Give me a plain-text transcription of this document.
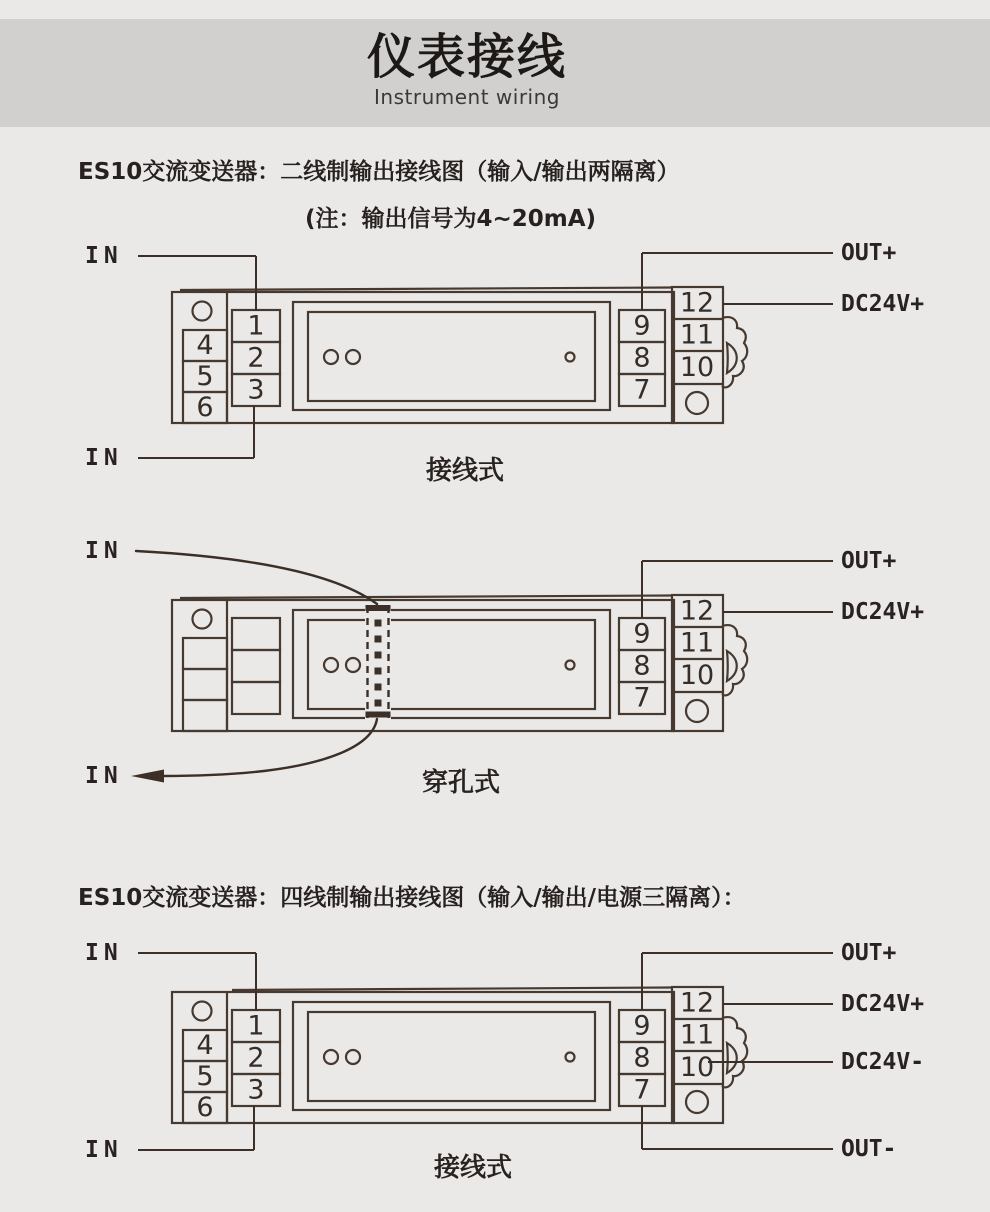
仪表接线
Instrument wiring
ES10交流变送器：二线制输出接线图（输入/输出两隔离）
(注：输出信号为4~20mA)
IN
IN
OUT+
DC24V+
1
2
3
4
5
6
9
8
7
12
11
10
接线式
IN
IN
OUT+
DC24V+
9
8
7
12
11
10
穿孔式
ES10交流变送器：四线制输出接线图（输入/输出/电源三隔离）：
IN
IN
OUT+
DC24V+
DC24V-
OUT-
1
2
3
4
5
6
9
8
7
12
11
10
接线式
